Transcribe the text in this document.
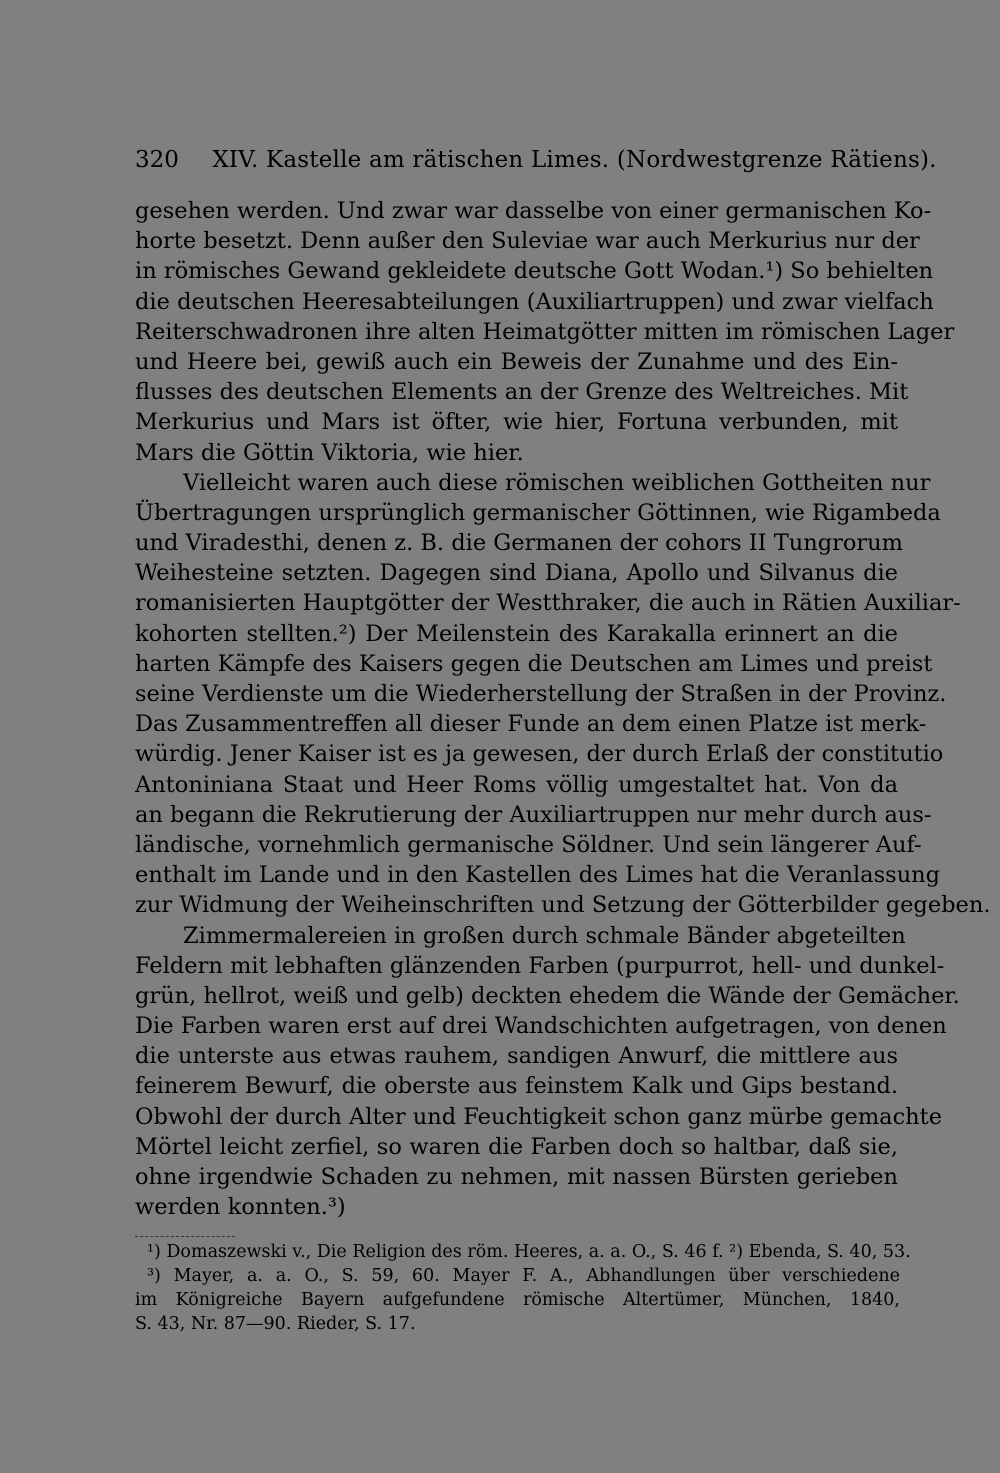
320 XIV. Kastelle am rätischen Limes. (Nordwestgrenze Rätiens).
gesehen werden. Und zwar war dasselbe von einer germanischen Ko-
horte besetzt. Denn außer den Suleviae war auch Merkurius nur der
in römisches Gewand gekleidete deutsche Gott Wodan.¹) So behielten
die deutschen Heeresabteilungen (Auxiliartruppen) und zwar vielfach
Reiterschwadronen ihre alten Heimatgötter mitten im römischen Lager
und Heere bei, gewiß auch ein Beweis der Zunahme und des Ein-
flusses des deutschen Elements an der Grenze des Weltreiches. Mit
Merkurius und Mars ist öfter, wie hier, Fortuna verbunden, mit
Mars die Göttin Viktoria, wie hier.
Vielleicht waren auch diese römischen weiblichen Gottheiten nur
Übertragungen ursprünglich germanischer Göttinnen, wie Rigambeda
und Viradesthi, denen z. B. die Germanen der cohors II Tungrorum
Weihesteine setzten. Dagegen sind Diana, Apollo und Silvanus die
romanisierten Hauptgötter der Westthraker, die auch in Rätien Auxiliar-
kohorten stellten.²) Der Meilenstein des Karakalla erinnert an die
harten Kämpfe des Kaisers gegen die Deutschen am Limes und preist
seine Verdienste um die Wiederherstellung der Straßen in der Provinz.
Das Zusammentreffen all dieser Funde an dem einen Platze ist merk-
würdig. Jener Kaiser ist es ja gewesen, der durch Erlaß der constitutio
Antoniniana Staat und Heer Roms völlig umgestaltet hat. Von da
an begann die Rekrutierung der Auxiliartruppen nur mehr durch aus-
ländische, vornehmlich germanische Söldner. Und sein längerer Auf-
enthalt im Lande und in den Kastellen des Limes hat die Veranlassung
zur Widmung der Weiheinschriften und Setzung der Götterbilder gegeben.
Zimmermalereien in großen durch schmale Bänder abgeteilten
Feldern mit lebhaften glänzenden Farben (purpurrot, hell- und dunkel-
grün, hellrot, weiß und gelb) deckten ehedem die Wände der Gemächer.
Die Farben waren erst auf drei Wandschichten aufgetragen, von denen
die unterste aus etwas rauhem, sandigen Anwurf, die mittlere aus
feinerem Bewurf, die oberste aus feinstem Kalk und Gips bestand.
Obwohl der durch Alter und Feuchtigkeit schon ganz mürbe gemachte
Mörtel leicht zerfiel, so waren die Farben doch so haltbar, daß sie,
ohne irgendwie Schaden zu nehmen, mit nassen Bürsten gerieben
werden konnten.³)
¹) Domaszewski v., Die Religion des röm. Heeres, a. a. O., S. 46 f. ²) Ebenda, S. 40, 53.
³) Mayer, a. a. O., S. 59, 60. Mayer F. A., Abhandlungen über verschiedene
im Königreiche Bayern aufgefundene römische Altertümer, München, 1840,
S. 43, Nr. 87—90. Rieder, S. 17.
